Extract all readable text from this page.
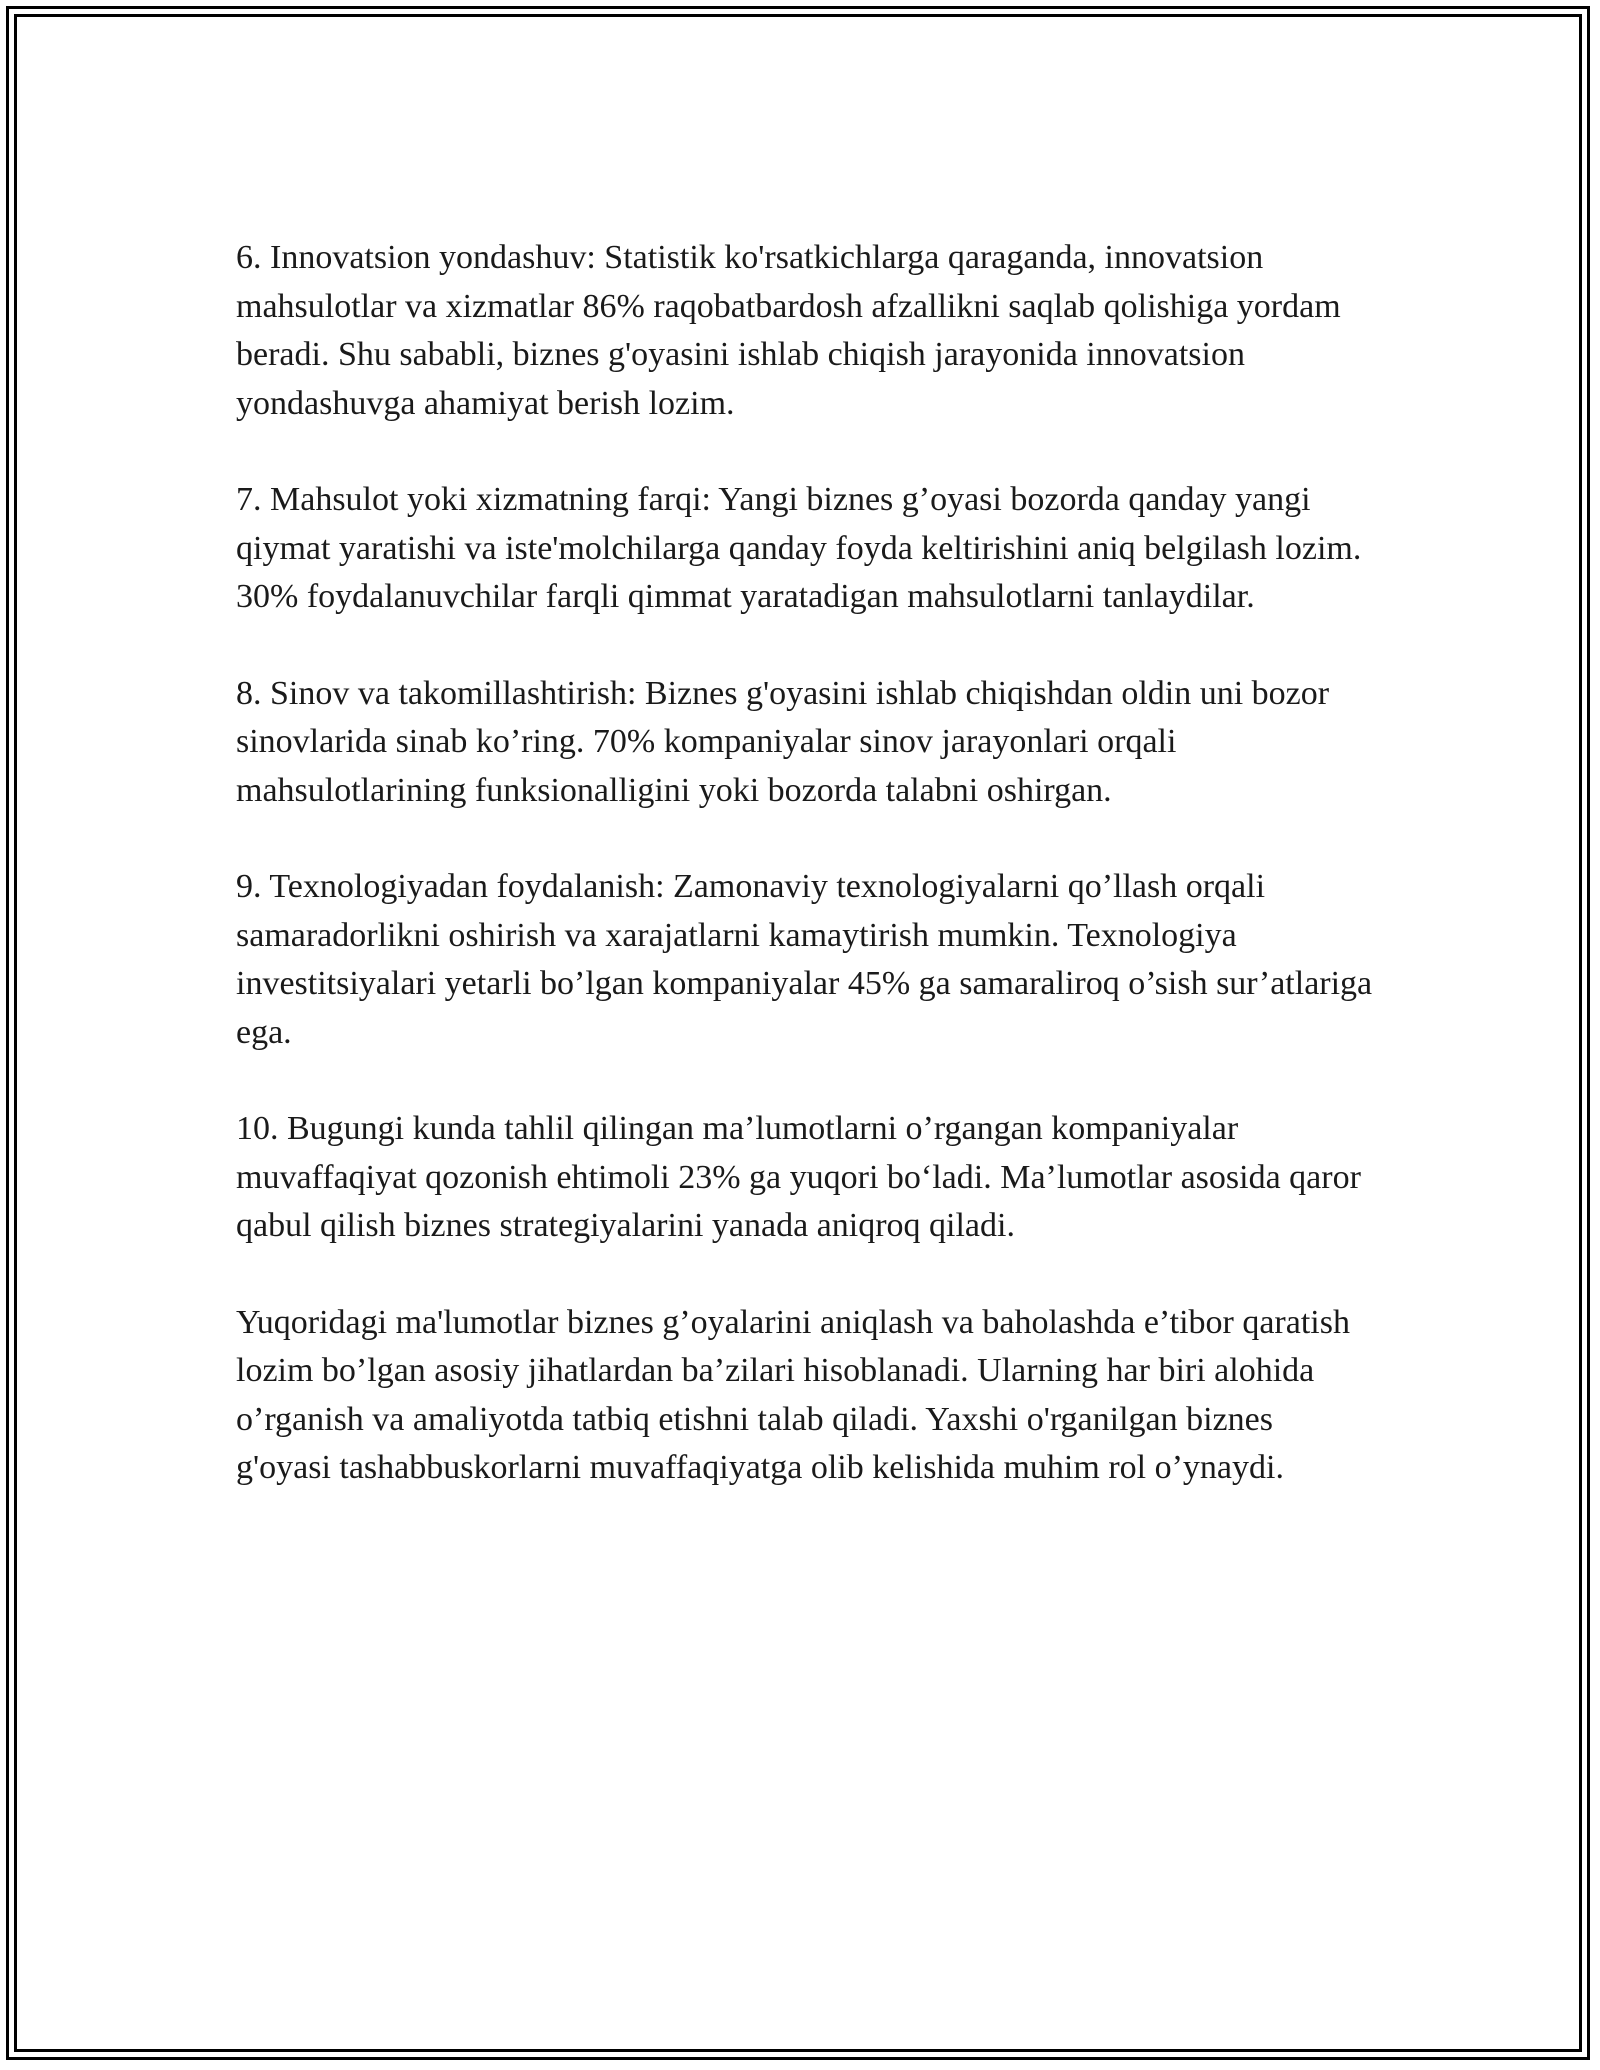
6. Innovatsion yondashuv: Statistik ko'rsatkichlarga qaraganda, innovatsion mahsulotlar va xizmatlar 86% raqobatbardosh afzallikni saqlab qolishiga yordam beradi. Shu sababli, biznes g'oyasini ishlab chiqish jarayonida innovatsion yondashuvga ahamiyat berish lozim.

7. Mahsulot yoki xizmatning farqi: Yangi biznes g’oyasi bozorda qanday yangi qiymat yaratishi va iste'molchilarga qanday foyda keltirishini aniq belgilash lozim. 30% foydalanuvchilar farqli qimmat yaratadigan mahsulotlarni tanlaydilar.

8. Sinov va takomillashtirish: Biznes g'oyasini ishlab chiqishdan oldin uni bozor sinovlarida sinab ko’ring. 70% kompaniyalar sinov jarayonlari orqali mahsulotlarining funksionalligini yoki bozorda talabni oshirgan.

9. Texnologiyadan foydalanish: Zamonaviy texnologiyalarni qo’llash orqali samaradorlikni oshirish va xarajatlarni kamaytirish mumkin. Texnologiya investitsiyalari yetarli bo’lgan kompaniyalar 45% ga samaraliroq o’sish sur’atlariga ega.

10. Bugungi kunda tahlil qilingan ma’lumotlarni o’rgangan kompaniyalar muvaffaqiyat qozonish ehtimoli 23% ga yuqori bo‘ladi. Ma’lumotlar asosida qaror qabul qilish biznes strategiyalarini yanada aniqroq qiladi.

Yuqoridagi ma'lumotlar biznes g’oyalarini aniqlash va baholashda e’tibor qaratish lozim bo’lgan asosiy jihatlardan ba’zilari hisoblanadi. Ularning har biri alohida o’rganish va amaliyotda tatbiq etishni talab qiladi. Yaxshi o'rganilgan biznes g'oyasi tashabbuskorlarni muvaffaqiyatga olib kelishida muhim rol o’ynaydi.
